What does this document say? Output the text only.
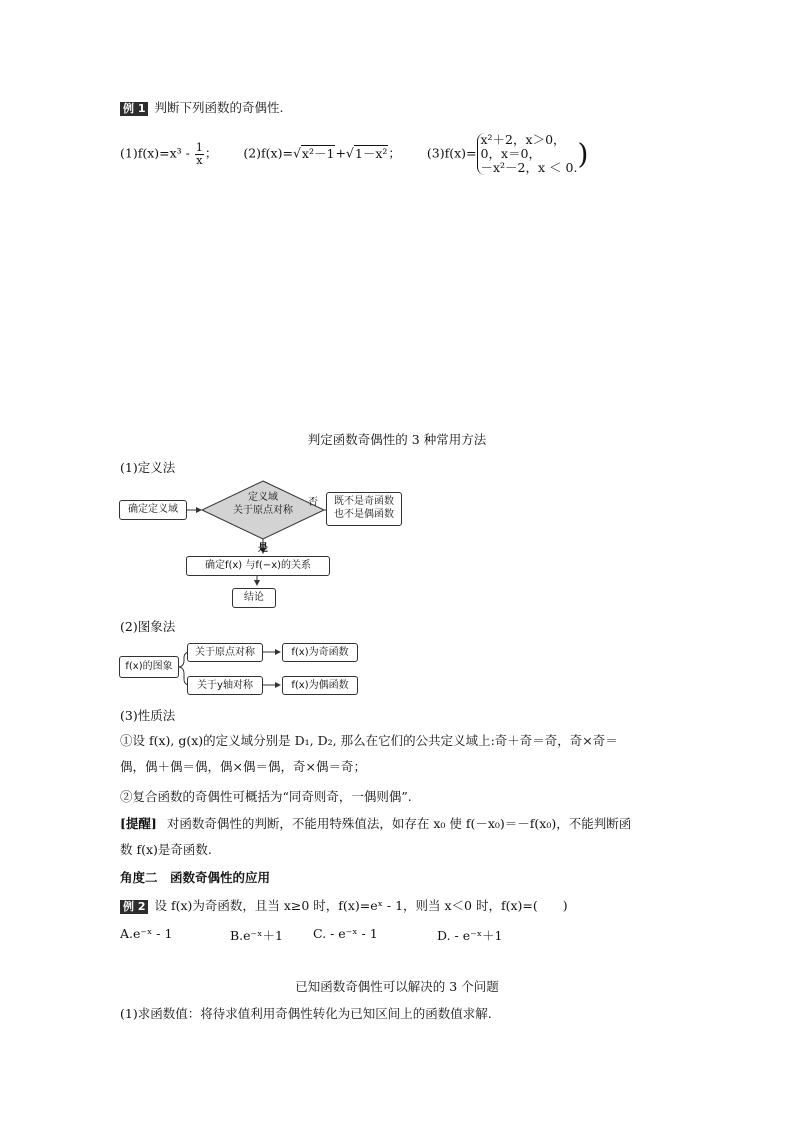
例 1 判断下列函数的奇偶性.
$(1)f(x)=x^3 - \frac{1}{x}$ ； (2)f(x)=√x²－1+√1－x²； (3)f(x)=
x²＋2，x＞0，
0，x＝0，
－x²－2，x ＜ 0. )
判定函数奇偶性的 3 种常用方法
(1)定义法
确定定义域
定义域
关于原点对称
否	既不是奇函数
也不是偶函数
是
确定f(x) 与f(−x)的关系
结论
(2)图象法
f(x)的图象
关于原点对称	f(x)为奇函数
关于y轴对称	f(x)为偶函数
(3)性质法
①设 f(x), g(x)的定义域分别是 D₁, D₂, 那么在它们的公共定义域上:奇＋奇＝奇，奇×奇＝
偶，偶＋偶＝偶，偶×偶＝偶，奇×偶＝奇；
②复合函数的奇偶性可概括为“同奇则奇，一偶则偶”.
[提醒] 对函数奇偶性的判断，不能用特殊值法，如存在 x₀ 使 f(－x₀)＝－f(x₀)，不能判断函
数 f(x)是奇函数.
角度二　函数奇偶性的应用
例 2 设 f(x)为奇函数，且当 x≥0 时，f(x)=eˣ - 1，则当 x＜0 时，f(x)=(　　)
A.e⁻ˣ - 1	B.e⁻ˣ＋1 C. - e⁻ˣ - 1	D. - e⁻ˣ＋1
已知函数奇偶性可以解决的 3 个问题
(1)求函数值：将待求值利用奇偶性转化为已知区间上的函数值求解.
